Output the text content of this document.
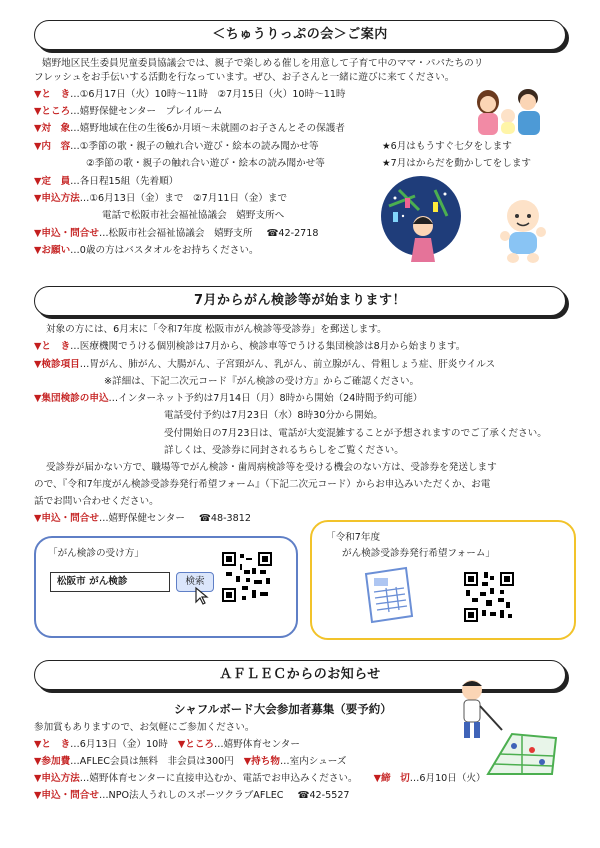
＜ちゅうりっぷの会＞ご案内
嬉野地区民生委員児童委員協議会では、親子で楽しめる催しを用意して子育て中のママ・パパたちのリ
フレッシュをお手伝いする活動を行なっています。ぜひ、お子さんと一緒に遊びに来てください。
▼と　き…①6月17日（火）10時～11時　②7月15日（火）10時～11時
▼ところ…嬉野保健センター　プレイルーム
▼対　象…嬉野地域在住の生後6か月頃～未就園のお子さんとその保護者
▼内　容…①季節の歌・親子の触れ合い遊び・絵本の読み聞かせ等	★6月はもうすぐ七夕をします
②季節の歌・親子の触れ合い遊び・絵本の読み聞かせ等	★7月はからだを動かしてをします
▼定　員…各日程15組（先着順）
▼申込方法…①6月13日（金）まで　②7月11日（金）まで
電話で松阪市社会福祉協議会　嬉野支所へ
▼申込・問合せ…松阪市社会福祉協議会　嬉野支所 ☎42-2718
▼お願い…0歳の方はバスタオルをお持ちください。
7月からがん検診等が始まります！
対象の方には、6月末に「令和7年度 松阪市がん検診等受診券」を郵送します。
▼と　き…医療機関でうける個別検診は7月から、検診車等でうける集団検診は8月から始まります。
▼検診項目…胃がん、肺がん、大腸がん、子宮頸がん、乳がん、前立腺がん、骨粗しょう症、肝炎ウイルス
※詳細は、下記二次元コード『がん検診の受け方』からご確認ください。
▼集団検診の申込…インターネット予約は7月14日（月）8時から開始（24時間予約可能）
電話受付予約は7月23日（水）8時30分から開始。
受付開始日の7月23日は、電話が大変混雑することが予想されますのでご了承ください。
詳しくは、受診券に同封されるちらしをご覧ください。
受診券が届かない方で、職場等でがん検診・歯周病検診等を受ける機会のない方は、受診券を発送します
ので、『令和7年度がん検診受診券発行希望フォーム』（下記二次元コード）からお申込みいただくか、お電
話でお問い合わせください。
▼申込・問合せ…嬉野保健センター ☎48-3812
「がん検診の受け方」
松阪市 がん検診	検索
「令和7年度
がん検診受診券発行希望フォーム」
ＡＦＬＥＣからのお知らせ
シャフルボード大会参加者募集（要予約）
参加賞もありますので、お気軽にご参加ください。
▼と　き…6月13日（金）10時 ▼ところ…嬉野体育センター
▼参加費…AFLEC会員は無料　非会員は300円 ▼持ち物…室内シューズ
▼申込方法…嬉野体育センターに直接申込むか、電話でお申込みください。 ▼締　切…6月10日（火）
▼申込・問合せ…NPO法人うれしのスポーツクラブAFLEC ☎42-5527
